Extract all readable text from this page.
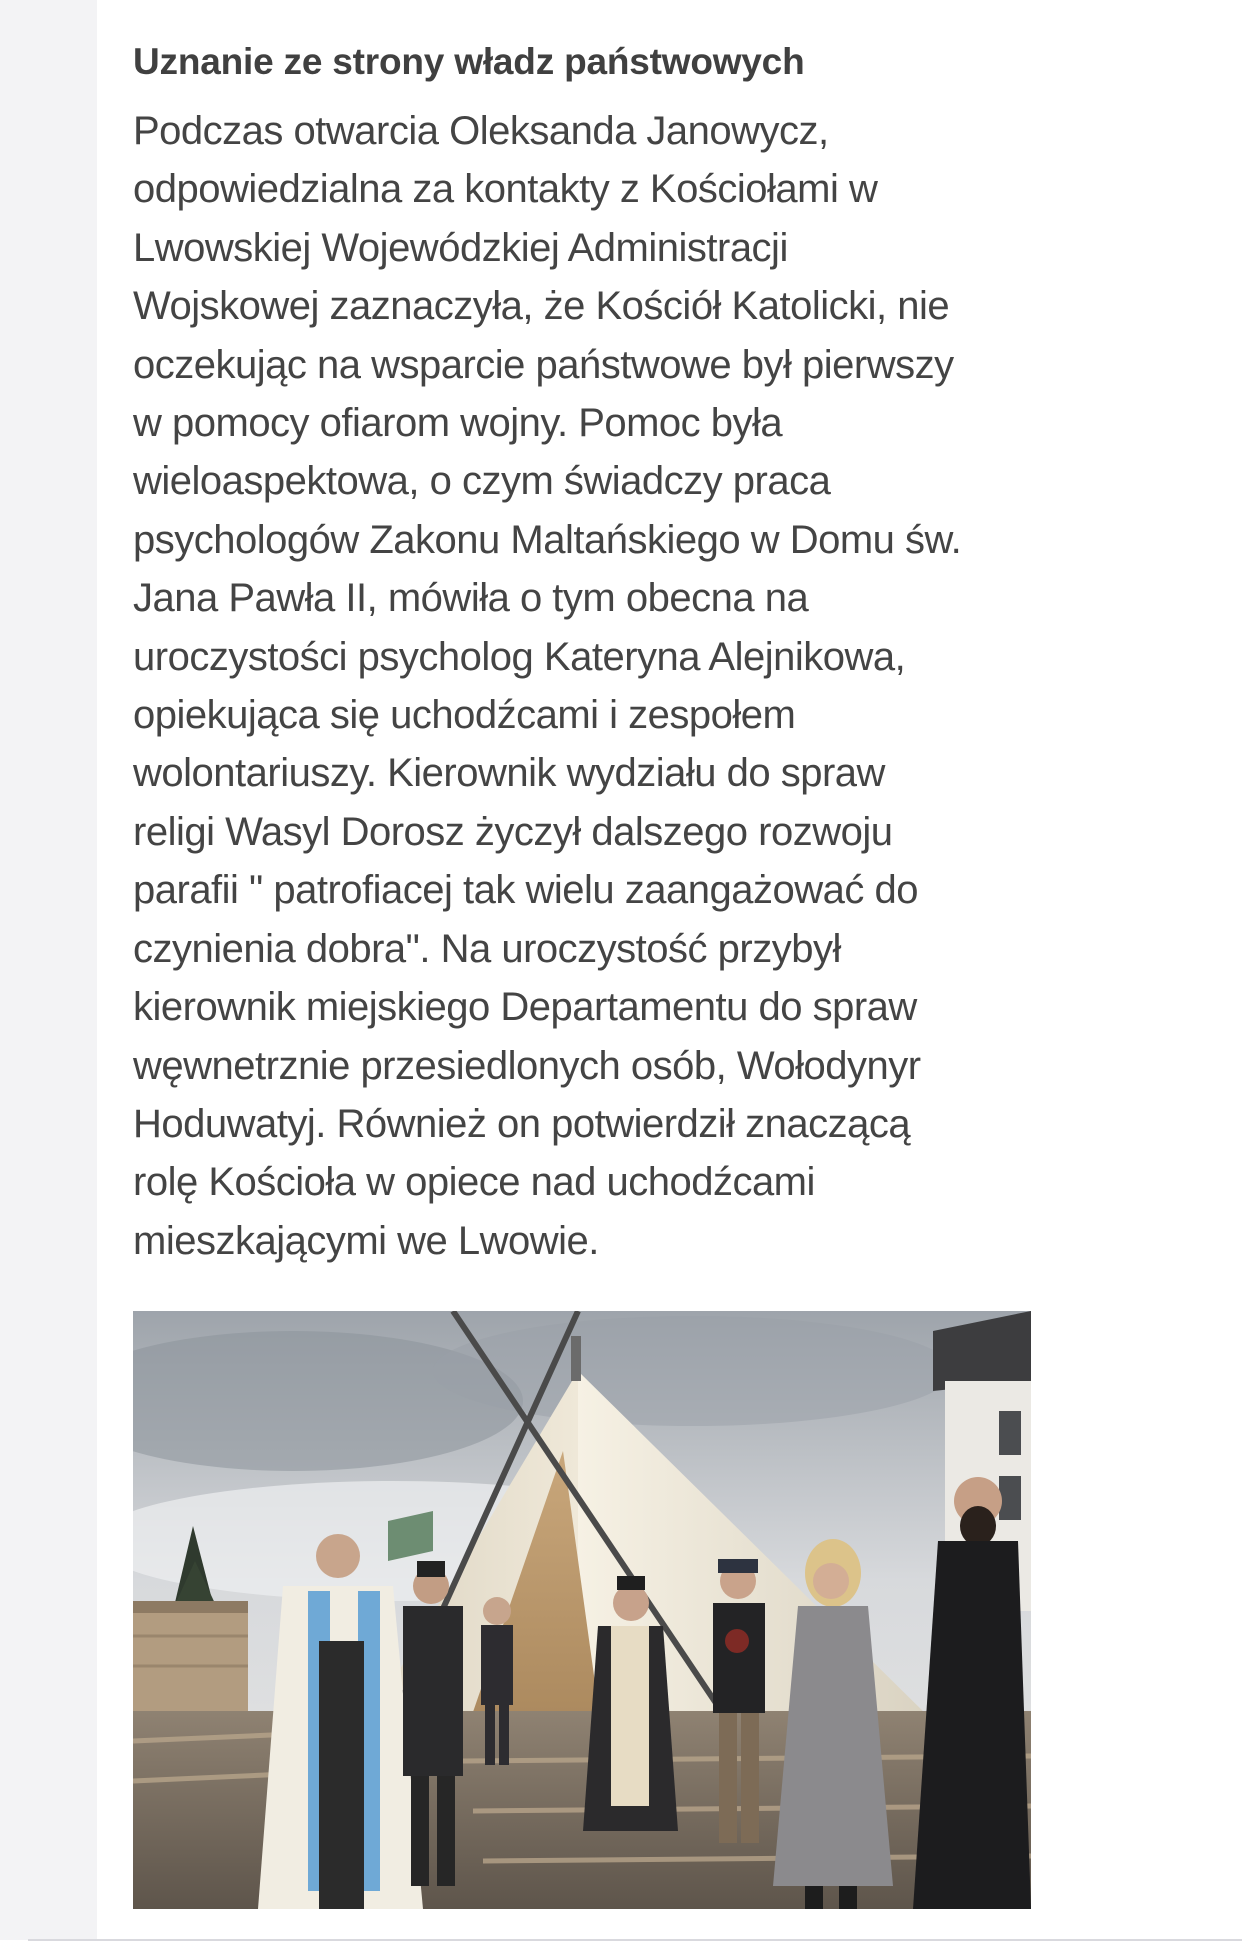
Uznanie ze strony władz państwowych

Podczas otwarcia Oleksanda Janowycz,
odpowiedzialna za kontakty z Kościołami w
Lwowskiej Wojewódzkiej Administracji
Wojskowej zaznaczyła, że Kościół Katolicki, nie
oczekując na wsparcie państwowe był pierwszy
w pomocy ofiarom wojny. Pomoc była
wieloaspektowa, o czym świadczy praca
psychologów Zakonu Maltańskiego w Domu św.
Jana Pawła II, mówiła o tym obecna na
uroczystości psycholog Kateryna Alejnikowa,
opiekująca się uchodźcami i zespołem
wolontariuszy. Kierownik wydziału do spraw
religi Wasyl Dorosz życzył dalszego rozwoju
parafii " patrofiacej tak wielu zaangażować do
czynienia dobra". Na uroczystość przybył
kierownik miejskiego Departamentu do spraw
węwnetrznie przesiedlonych osób, Wołodynyr
Hoduwatyj. Również on potwierdził znaczącą
rolę Kościoła w opiece nad uchodźcami
mieszkającymi we Lwowie.
